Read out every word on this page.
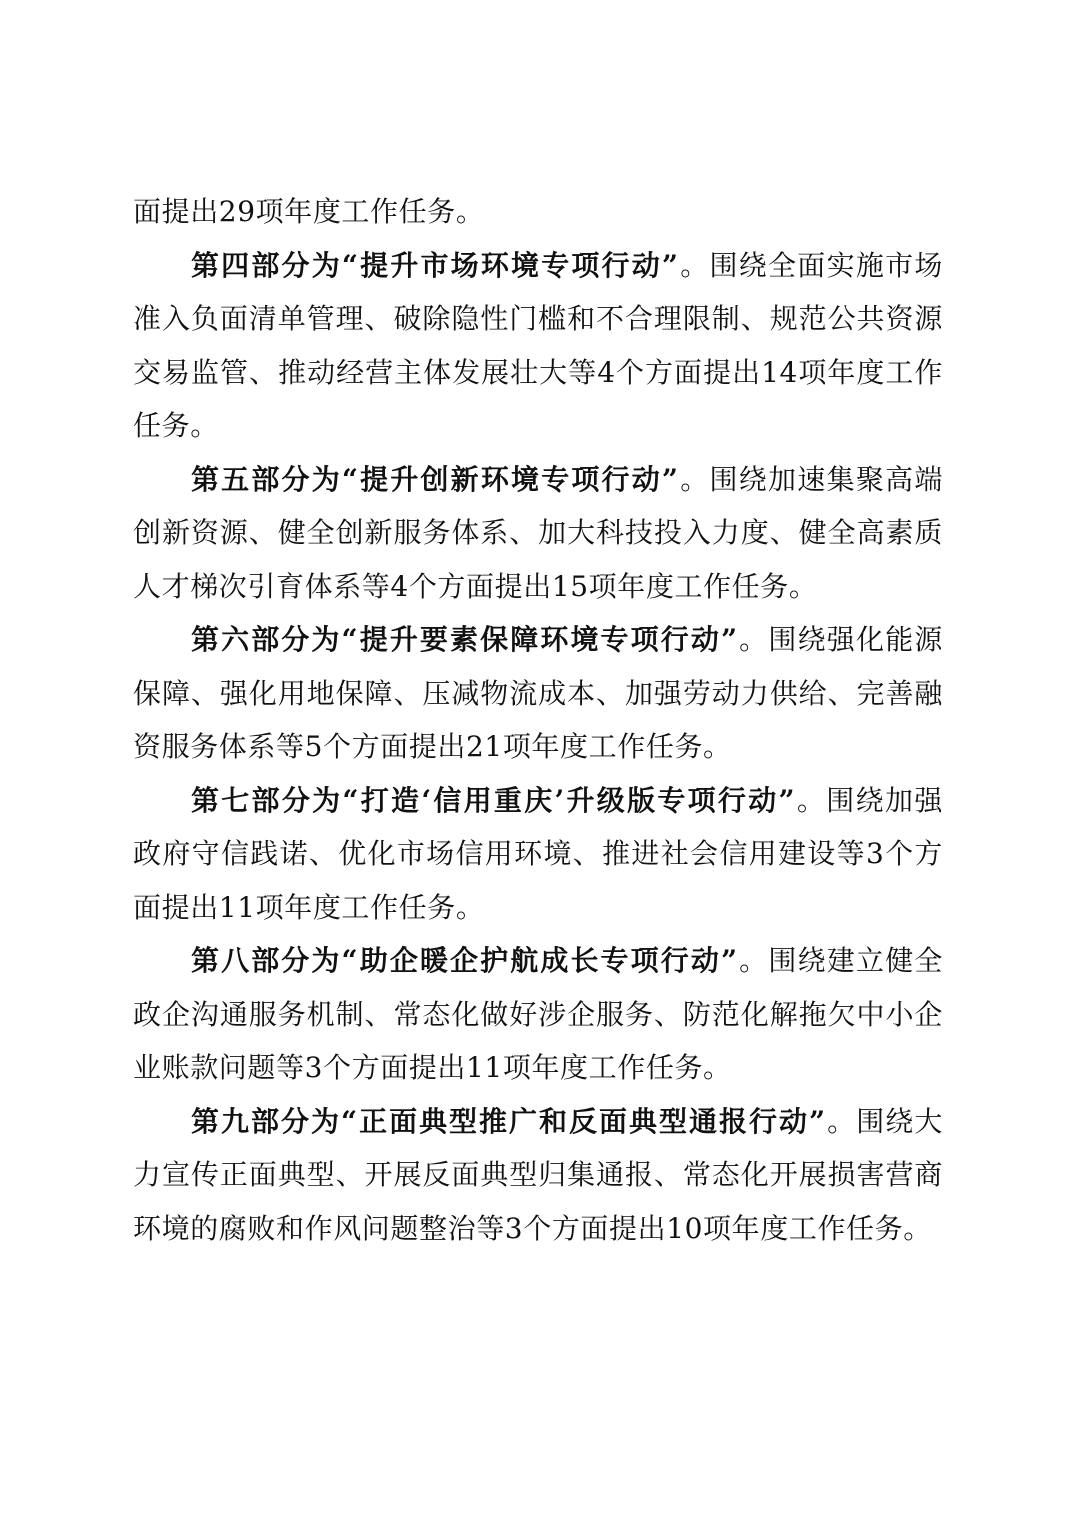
面提出29项年度工作任务。

第四部分为“提升市场环境专项行动”。围绕全面实施市场准入负面清单管理、破除隐性门槛和不合理限制、规范公共资源交易监管、推动经营主体发展壮大等4个方面提出14项年度工作任务。

第五部分为“提升创新环境专项行动”。围绕加速集聚高端创新资源、健全创新服务体系、加大科技投入力度、健全高素质人才梯次引育体系等4个方面提出15项年度工作任务。

第六部分为“提升要素保障环境专项行动”。围绕强化能源保障、强化用地保障、压减物流成本、加强劳动力供给、完善融资服务体系等5个方面提出21项年度工作任务。

第七部分为“打造‘信用重庆’升级版专项行动”。围绕加强政府守信践诺、优化市场信用环境、推进社会信用建设等3个方面提出11项年度工作任务。

第八部分为“助企暖企护航成长专项行动”。围绕建立健全政企沟通服务机制、常态化做好涉企服务、防范化解拖欠中小企业账款问题等3个方面提出11项年度工作任务。

第九部分为“正面典型推广和反面典型通报行动”。围绕大力宣传正面典型、开展反面典型归集通报、常态化开展损害营商环境的腐败和作风问题整治等3个方面提出10项年度工作任务。
